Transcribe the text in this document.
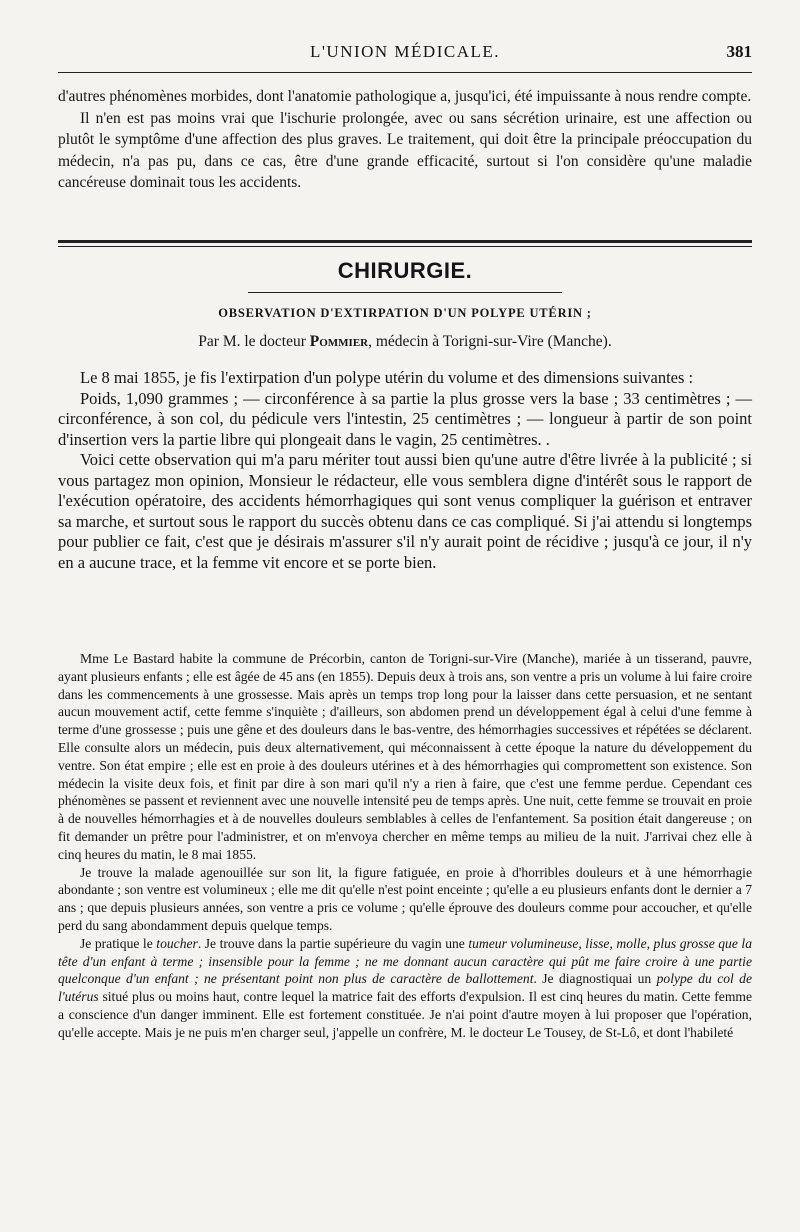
L'UNION MÉDICALE.	381

d'autres phénomènes morbides, dont l'anatomie pathologique a, jusqu'ici, été impuissante à nous rendre compte.

Il n'en est pas moins vrai que l'ischurie prolongée, avec ou sans sécrétion urinaire, est une affection ou plutôt le symptôme d'une affection des plus graves. Le traitement, qui doit être la principale préoccupation du médecin, n'a pas pu, dans ce cas, être d'une grande efficacité, surtout si l'on considère qu'une maladie cancéreuse dominait tous les accidents.

CHIRURGIE.
OBSERVATION D'EXTIRPATION D'UN POLYPE UTÉRIN ;
Par M. le docteur Pommier, médecin à Torigni-sur-Vire (Manche).

Le 8 mai 1855, je fis l'extirpation d'un polype utérin du volume et des dimensions suivantes :

Poids, 1,090 grammes ; — circonférence à sa partie la plus grosse vers la base ; 33 centimètres ; — circonférence, à son col, du pédicule vers l'intestin, 25 centimètres ; — longueur à partir de son point d'insertion vers la partie libre qui plongeait dans le vagin, 25 centimètres. .

Voici cette observation qui m'a paru mériter tout aussi bien qu'une autre d'être livrée à la publicité ; si vous partagez mon opinion, Monsieur le rédacteur, elle vous semblera digne d'intérêt sous le rapport de l'exécution opératoire, des accidents hémorrhagiques qui sont venus compliquer la guérison et entraver sa marche, et surtout sous le rapport du succès obtenu dans ce cas compliqué. Si j'ai attendu si longtemps pour publier ce fait, c'est que je désirais m'assurer s'il n'y aurait point de récidive ; jusqu'à ce jour, il n'y en a aucune trace, et la femme vit encore et se porte bien.

Mme Le Bastard habite la commune de Précorbin, canton de Torigni-sur-Vire (Manche), mariée à un tisserand, pauvre, ayant plusieurs enfants ; elle est âgée de 45 ans (en 1855). Depuis deux à trois ans, son ventre a pris un volume à lui faire croire dans les commencements à une grossesse. Mais après un temps trop long pour la laisser dans cette persuasion, et ne sentant aucun mouvement actif, cette femme s'inquiète ; d'ailleurs, son abdomen prend un développement égal à celui d'une femme à terme d'une grossesse ; puis une gêne et des douleurs dans le bas-ventre, des hémorrhagies successives et répétées se déclarent. Elle consulte alors un médecin, puis deux alternativement, qui méconnaissent à cette époque la nature du développement du ventre. Son état empire ; elle est en proie à des douleurs utérines et à des hémorrhagies qui compromettent son existence. Son médecin la visite deux fois, et finit par dire à son mari qu'il n'y a rien à faire, que c'est une femme perdue. Cependant ces phénomènes se passent et reviennent avec une nouvelle intensité peu de temps après. Une nuit, cette femme se trouvait en proie à de nouvelles hémorrhagies et à de nouvelles douleurs semblables à celles de l'enfantement. Sa position était dangereuse ; on fit demander un prêtre pour l'administrer, et on m'envoya chercher en même temps au milieu de la nuit. J'arrivai chez elle à cinq heures du matin, le 8 mai 1855.

Je trouve la malade agenouillée sur son lit, la figure fatiguée, en proie à d'horribles douleurs et à une hémorrhagie abondante ; son ventre est volumineux ; elle me dit qu'elle n'est point enceinte ; qu'elle a eu plusieurs enfants dont le dernier a 7 ans ; que depuis plusieurs années, son ventre a pris ce volume ; qu'elle éprouve des douleurs comme pour accoucher, et qu'elle perd du sang abondamment depuis quelque temps.

Je pratique le toucher. Je trouve dans la partie supérieure du vagin une tumeur volumineuse, lisse, molle, plus grosse que la tête d'un enfant à terme ; insensible pour la femme ; ne me donnant aucun caractère qui pût me faire croire à une partie quelconque d'un enfant ; ne présentant point non plus de caractère de ballottement. Je diagnostiquai un polype du col de l'utérus situé plus ou moins haut, contre lequel la matrice fait des efforts d'expulsion. Il est cinq heures du matin. Cette femme a conscience d'un danger imminent. Elle est fortement constituée. Je n'ai point d'autre moyen à lui proposer que l'opération, qu'elle accepte. Mais je ne puis m'en charger seul, j'appelle un confrère, M. le docteur Le Tousey, de St-Lô, et dont l'habileté
